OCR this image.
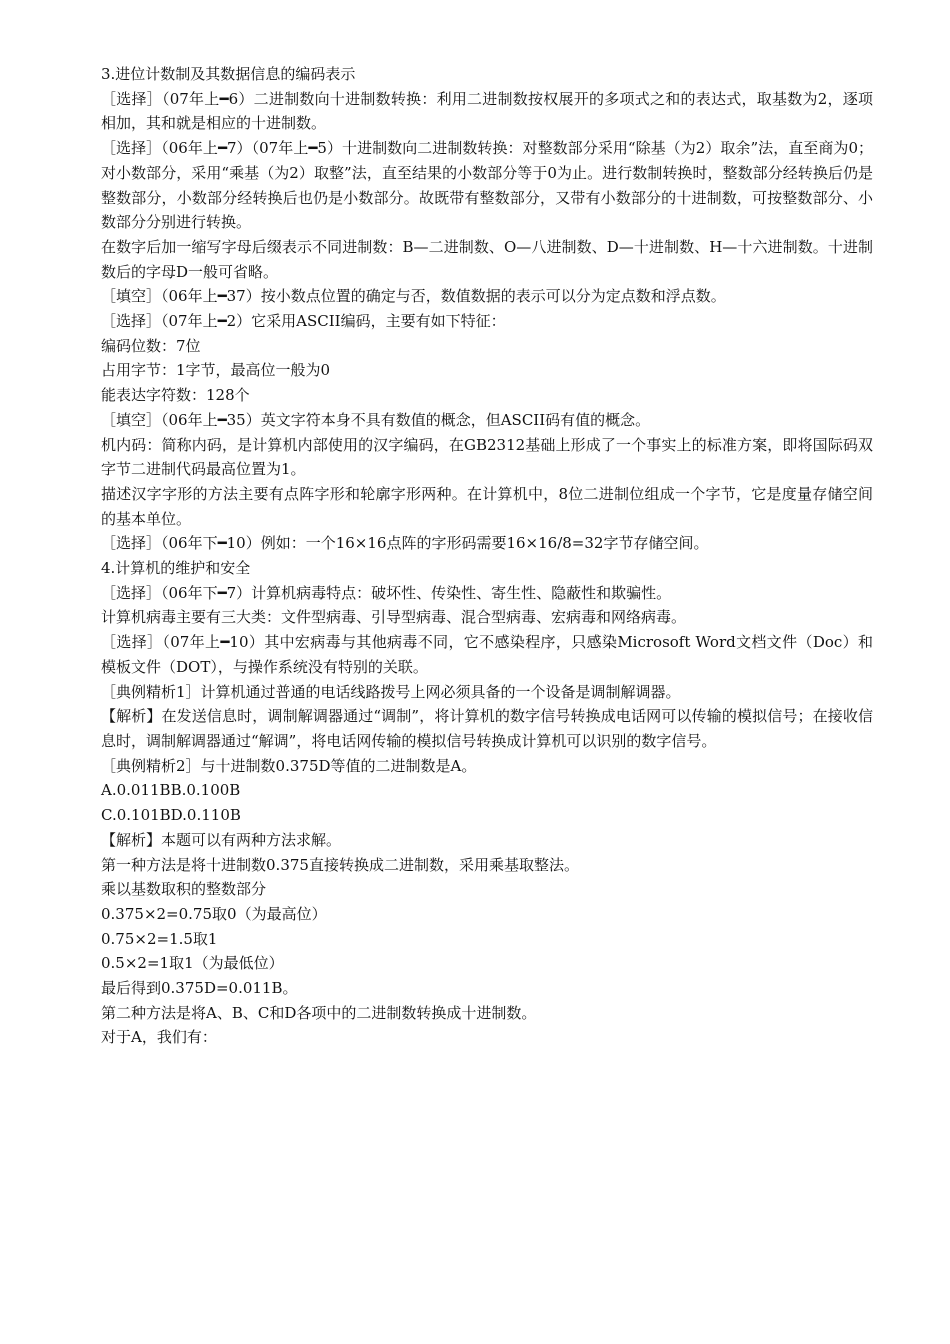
3.进位计数制及其数据信息的编码表示

［选择］（07年上━6）二进制数向十进制数转换：利用二进制数按权展开的多项式之和的表达式，取基数为2，逐项相加，其和就是相应的十进制数。

［选择］（06年上━7）（07年上━5）十进制数向二进制数转换：对整数部分采用“除基（为2）取余”法，直至商为0；对小数部分，采用“乘基（为2）取整”法，直至结果的小数部分等于0为止。进行数制转换时，整数部分经转换后仍是整数部分，小数部分经转换后也仍是小数部分。故既带有整数部分，又带有小数部分的十进制数，可按整数部分、小数部分分别进行转换。

在数字后加一缩写字母后缀表示不同进制数：B—二进制数、O—八进制数、D—十进制数、H—十六进制数。十进制数后的字母D一般可省略。

［填空］（06年上━37）按小数点位置的确定与否，数值数据的表示可以分为定点数和浮点数。

［选择］（07年上━2）它采用ASCII编码，主要有如下特征：

编码位数：7位

占用字节：1字节，最高位一般为0

能表达字符数：128个

［填空］（06年上━35）英文字符本身不具有数值的概念，但ASCII码有值的概念。

机内码：简称内码，是计算机内部使用的汉字编码，在GB2312基础上形成了一个事实上的标准方案，即将国际码双字节二进制代码最高位置为1。

描述汉字字形的方法主要有点阵字形和轮廓字形两种。在计算机中，8位二进制位组成一个字节，它是度量存储空间的基本单位。

［选择］（06年下━10）例如：一个16×16点阵的字形码需要16×16/8=32字节存储空间。

4.计算机的维护和安全

［选择］（06年下━7）计算机病毒特点：破坏性、传染性、寄生性、隐蔽性和欺骗性。

计算机病毒主要有三大类：文件型病毒、引导型病毒、混合型病毒、宏病毒和网络病毒。

［选择］（07年上━10）其中宏病毒与其他病毒不同，它不感染程序，只感染Microsoft Word文档文件（Doc）和模板文件（DOT），与操作系统没有特别的关联。

［典例精析1］计算机通过普通的电话线路拨号上网必须具备的一个设备是调制解调器。

【解析】在发送信息时，调制解调器通过“调制”，将计算机的数字信号转换成电话网可以传输的模拟信号；在接收信息时，调制解调器通过“解调”，将电话网传输的模拟信号转换成计算机可以识别的数字信号。

［典例精析2］与十进制数0.375D等值的二进制数是A。

A.0.011BB.0.100B

C.0.101BD.0.110B

【解析】本题可以有两种方法求解。

第一种方法是将十进制数0.375直接转换成二进制数，采用乘基取整法。

乘以基数取积的整数部分

0.375×2=0.75取0（为最高位）

0.75×2=1.5取1

0.5×2=1取1（为最低位）

最后得到0.375D=0.011B。

第二种方法是将A、B、C和D各项中的二进制数转换成十进制数。

对于A，我们有：
